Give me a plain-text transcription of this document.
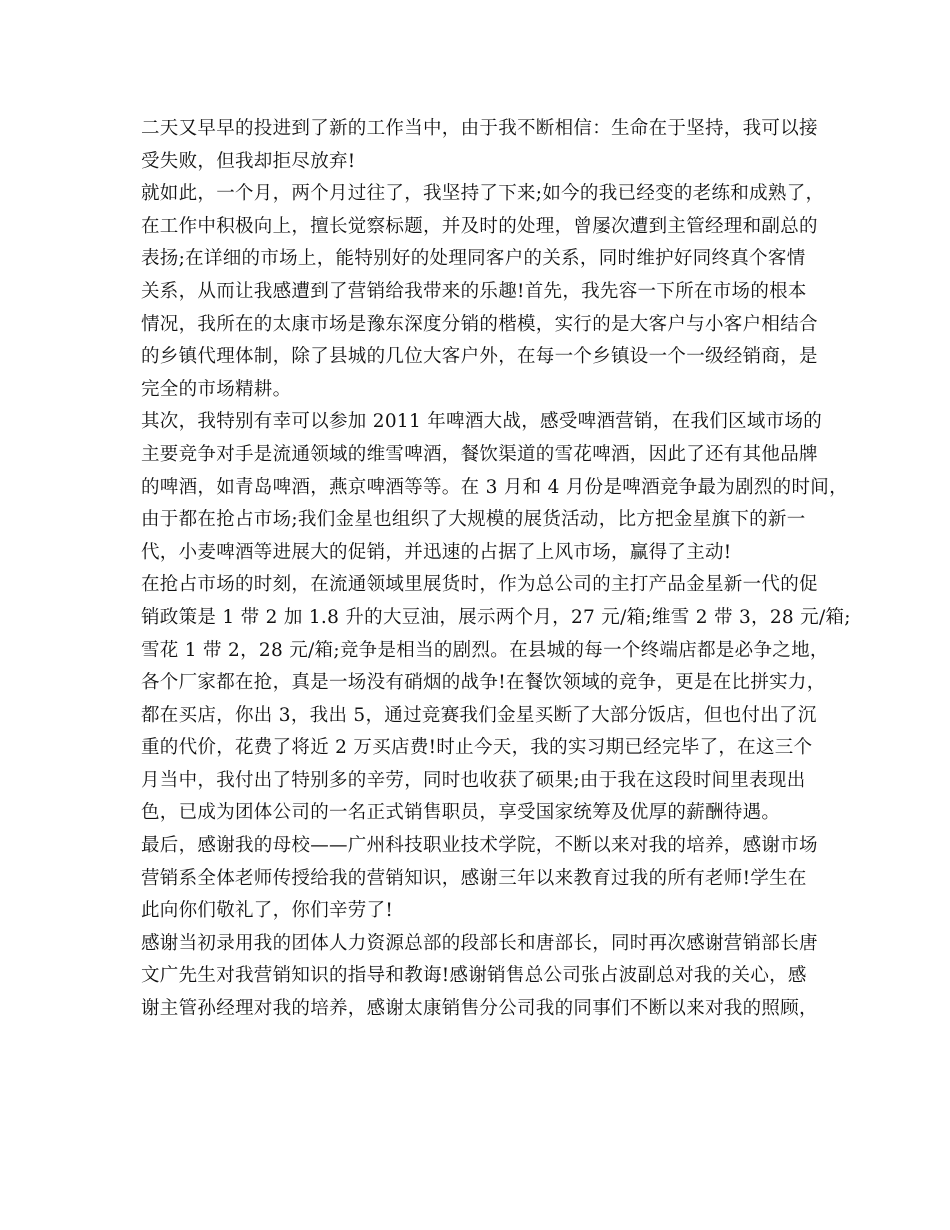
二天又早早的投进到了新的工作当中，由于我不断相信：生命在于坚持，我可以接
受失败，但我却拒尽放弃!
就如此，一个月，两个月过往了，我坚持了下来;如今的我已经变的老练和成熟了，
在工作中积极向上，擅长觉察标题，并及时的处理，曾屡次遭到主管经理和副总的
表扬;在详细的市场上，能特别好的处理同客户的关系，同时维护好同终真个客情
关系，从而让我感遭到了营销给我带来的乐趣!首先，我先容一下所在市场的根本
情况，我所在的太康市场是豫东深度分销的楷模，实行的是大客户与小客户相结合
的乡镇代理体制，除了县城的几位大客户外，在每一个乡镇设一个一级经销商，是
完全的市场精耕。
其次，我特别有幸可以参加 2011 年啤酒大战，感受啤酒营销，在我们区域市场的
主要竞争对手是流通领域的维雪啤酒，餐饮渠道的雪花啤酒，因此了还有其他品牌
的啤酒，如青岛啤酒，燕京啤酒等等。在 3 月和 4 月份是啤酒竞争最为剧烈的时间，
由于都在抢占市场;我们金星也组织了大规模的展货活动，比方把金星旗下的新一
代，小麦啤酒等进展大的促销，并迅速的占据了上风市场，赢得了主动!
在抢占市场的时刻，在流通领域里展货时，作为总公司的主打产品金星新一代的促
销政策是 1 带 2 加 1.8 升的大豆油，展示两个月，27 元/箱;维雪 2 带 3，28 元/箱;
雪花 1 带 2，28 元/箱;竞争是相当的剧烈。在县城的每一个终端店都是必争之地，
各个厂家都在抢，真是一场没有硝烟的战争!在餐饮领域的竞争，更是在比拼实力，
都在买店，你出 3，我出 5，通过竞赛我们金星买断了大部分饭店，但也付出了沉
重的代价，花费了将近 2 万买店费!时止今天，我的实习期已经完毕了，在这三个
月当中，我付出了特别多的辛劳，同时也收获了硕果;由于我在这段时间里表现出
色，已成为团体公司的一名正式销售职员，享受国家统筹及优厚的薪酬待遇。
最后，感谢我的母校——广州科技职业技术学院，不断以来对我的培养，感谢市场
营销系全体老师传授给我的营销知识，感谢三年以来教育过我的所有老师!学生在
此向你们敬礼了，你们辛劳了!
感谢当初录用我的团体人力资源总部的段部长和唐部长，同时再次感谢营销部长唐
文广先生对我营销知识的指导和教诲!感谢销售总公司张占波副总对我的关心，感
谢主管孙经理对我的培养，感谢太康销售分公司我的同事们不断以来对我的照顾，
